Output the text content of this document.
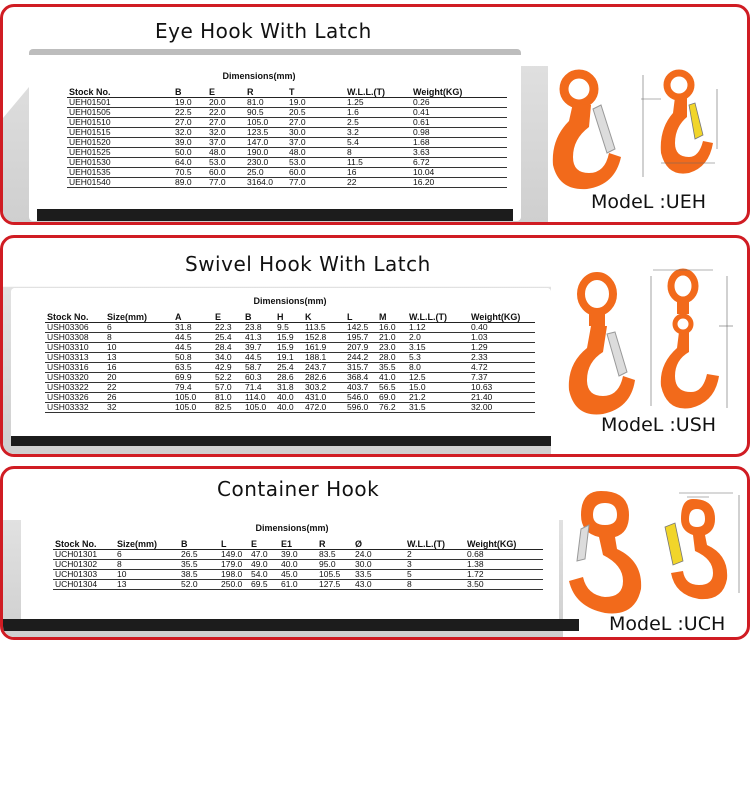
Eye Hook With Latch
Stock No.	Dimensions(mm)				W.L.L.(T)	Weight(KG)
	B	E	R	T		
UEH01501	19.0	20.0	81.0	19.0	1.25	0.26
UEH01505	22.5	22.0	90.5	20.5	1.6	0.41
UEH01510	27.0	27.0	105.0	27.0	2.5	0.61
UEH01515	32.0	32.0	123.5	30.0	3.2	0.98
UEH01520	39.0	37.0	147.0	37.0	5.4	1.68
UEH01525	50.0	48.0	190.0	48.0	8	3.63
UEH01530	64.0	53.0	230.0	53.0	11.5	6.72
UEH01535	70.5	60.0	25.0	60.0	16	10.04
UEH01540	89.0	77.0	3164.0	77.0	22	16.20
ModeL :UEH
Swivel Hook With Latch
Stock No.	Size(mm)	Dimensions(mm)							W.L.L.(T)	Weight(KG)
		A	E	B	H	K	L	M		
USH03306	6	31.8	22.3	23.8	9.5	113.5	142.5	16.0	1.12	0.40
USH03308	8	44.5	25.4	41.3	15.9	152.8	195.7	21.0	2.0	1.03
USH03310	10	44.5	28.4	39.7	15.9	161.9	207.9	23.0	3.15	1.29
USH03313	13	50.8	34.0	44.5	19.1	188.1	244.2	28.0	5.3	2.33
USH03316	16	63.5	42.9	58.7	25.4	243.7	315.7	35.5	8.0	4.72
USH03320	20	69.9	52.2	60.3	28.6	282.6	368.4	41.0	12.5	7.37
USH03322	22	79.4	57.0	71.4	31.8	303.2	403.7	56.5	15.0	10.63
USH03326	26	105.0	81.0	114.0	40.0	431.0	546.0	69.0	21.2	21.40
USH03332	32	105.0	82.5	105.0	40.0	472.0	596.0	76.2	31.5	32.00
ModeL :USH
Container Hook
Stock No.	Size(mm)	Dimensions(mm)						W.L.L.(T)	Weight(KG)
		B	L	E	E1	R	Ø		
UCH01301	6	26.5	149.0	47.0	39.0	83.5	24.0	2	0.68
UCH01302	8	35.5	179.0	49.0	40.0	95.0	30.0	3	1.38
UCH01303	10	38.5	198.0	54.0	45.0	105.5	33.5	5	1.72
UCH01304	13	52.0	250.0	69.5	61.0	127.5	43.0	8	3.50
ModeL :UCH
